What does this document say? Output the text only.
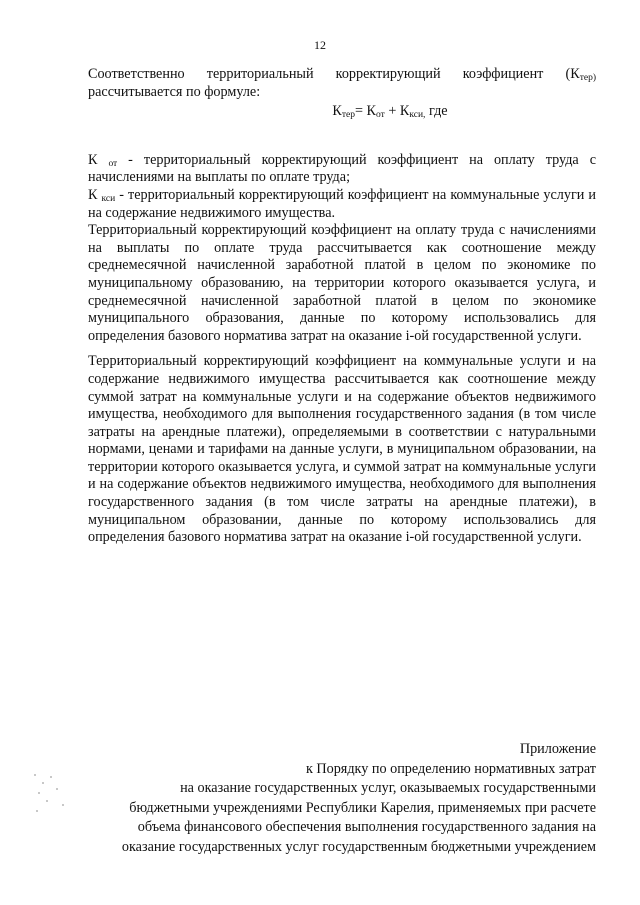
12

Соответственно территориальный корректирующий коэффициент ($К_{тер)}$ рассчитывается по формуле:

$К_{тер}= К_{от} + К_{кси,}$ где

К $_{от}$ - территориальный корректирующий коэффициент на оплату труда с начислениями на выплаты по оплате труда;

К $_{кси}$ - территориальный корректирующий коэффициент на коммунальные услуги и на содержание недвижимого имущества.

Территориальный корректирующий коэффициент на оплату труда с начислениями на выплаты по оплате труда рассчитывается как соотношение между среднемесячной начисленной заработной платой в целом по экономике по муниципальному образованию, на территории которого оказывается услуга, и среднемесячной начисленной заработной платой в целом по экономике муниципального образования, данные по которому использовались для определения базового норматива затрат на оказание i-ой государственной услуги.

Территориальный корректирующий коэффициент на коммунальные услуги и на содержание недвижимого имущества рассчитывается как соотношение между суммой затрат на коммунальные услуги и на содержание объектов недвижимого имущества, необходимого для выполнения государственного задания (в том числе затраты на арендные платежи), определяемыми в соответствии с натуральными нормами, ценами и тарифами на данные услуги, в муниципальном образовании, на территории которого оказывается услуга, и суммой затрат на коммунальные услуги и на содержание объектов недвижимого имущества, необходимого для выполнения государственного задания (в том числе затраты на арендные платежи), в муниципальном образовании, данные по которому использовались для определения базового норматива затрат на оказание i-ой государственной услуги.

Приложение
к Порядку по определению нормативных затрат
на оказание государственных услуг, оказываемых государственными
бюджетными учреждениями Республики Карелия, применяемых при расчете
объема финансового обеспечения выполнения государственного задания на
оказание государственных услуг государственным бюджетными учреждением
